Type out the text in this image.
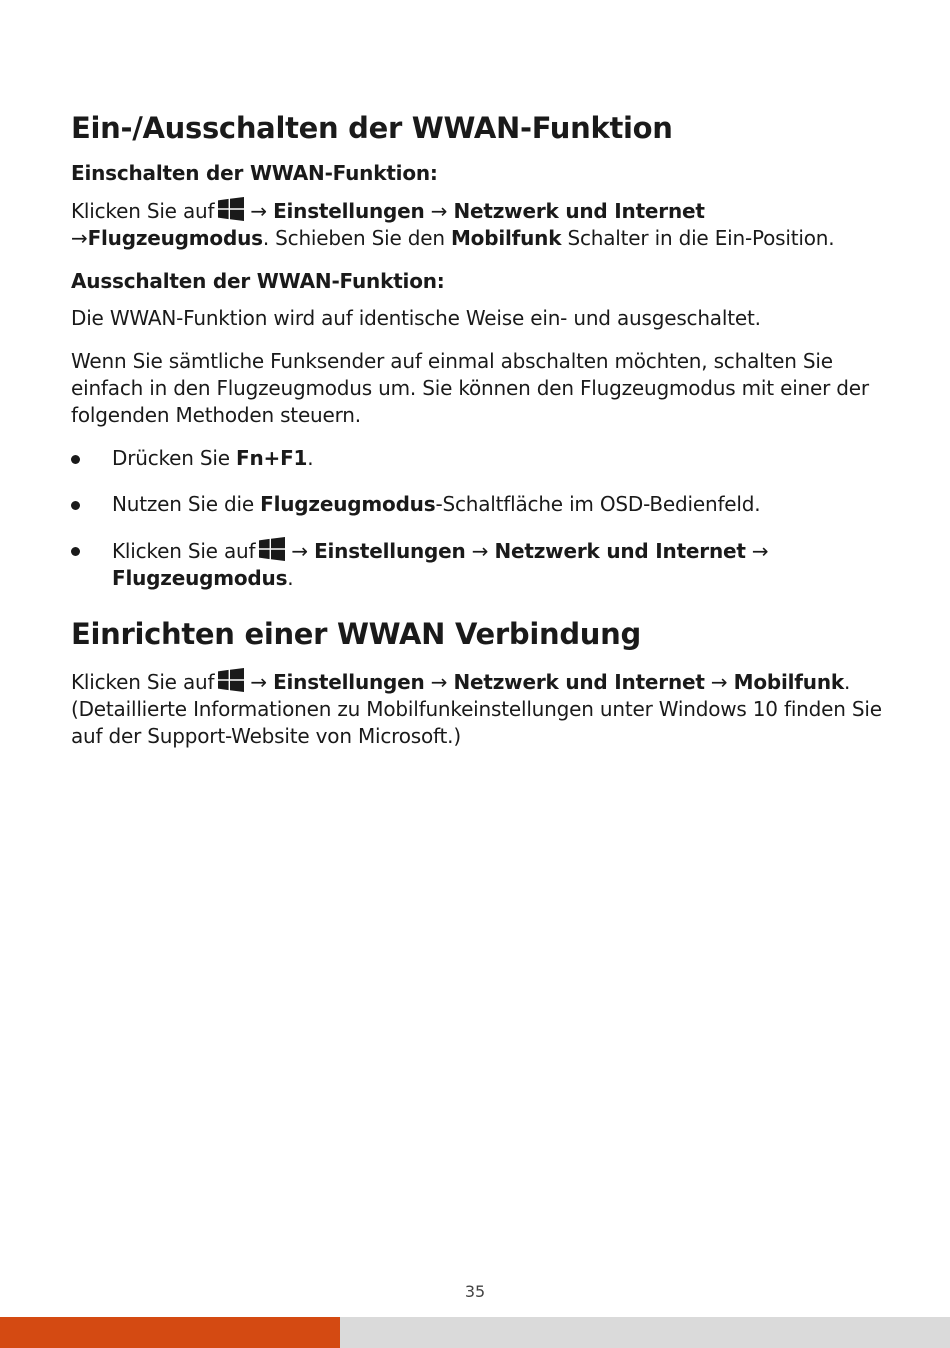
Ein-/Ausschalten der WWAN-Funktion
Einschalten der WWAN-Funktion:

Klicken Sie auf → Einstellungen → Netzwerk und Internet
→Flugzeugmodus. Schieben Sie den Mobilfunk Schalter in die Ein-Position.

Ausschalten der WWAN-Funktion:

Die WWAN-Funktion wird auf identische Weise ein- und ausgeschaltet.

Wenn Sie sämtliche Funksender auf einmal abschalten möchten, schalten Sie einfach in den Flugzeugmodus um. Sie können den Flugzeugmodus mit einer der folgenden Methoden steuern.

Drücken Sie Fn+F1.
Nutzen Sie die Flugzeugmodus-Schaltfläche im OSD-Bedienfeld.
Klicken Sie auf → Einstellungen → Netzwerk und Internet →
Flugzeugmodus.
Einrichten einer WWAN Verbindung

Klicken Sie auf → Einstellungen → Netzwerk und Internet → Mobilfunk.
(Detaillierte Informationen zu Mobilfunkeinstellungen unter Windows 10 finden Sie auf der Support-Website von Microsoft.)

35
